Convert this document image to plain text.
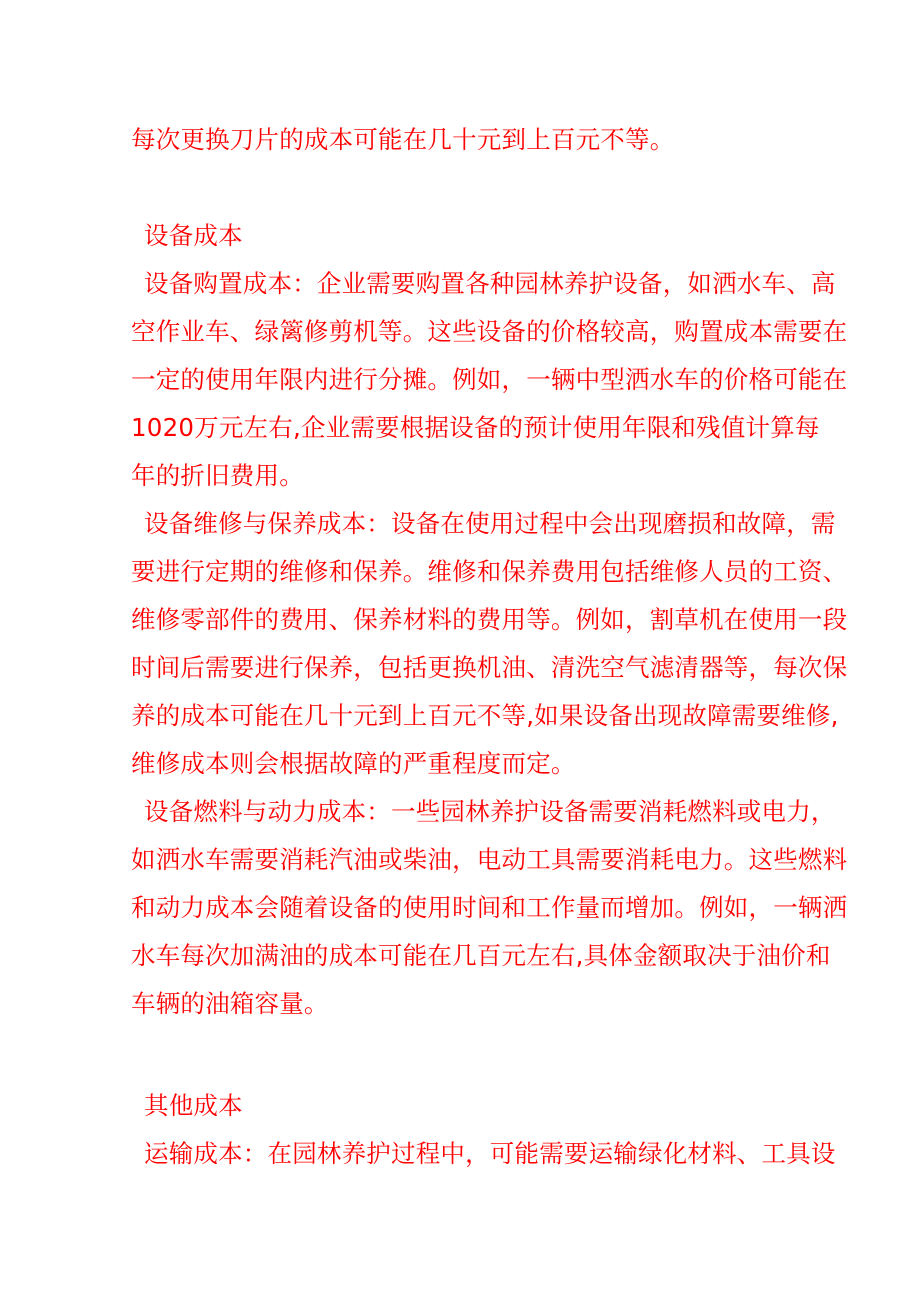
每次更换刀片的成本可能在几十元到上百元不等。
设备成本
设备购置成本：企业需要购置各种园林养护设备，如洒水车、高
空作业车、绿篱修剪机等。这些设备的价格较高，购置成本需要在
一定的使用年限内进行分摊。例如，一辆中型洒水车的价格可能在
1020万元左右,企业需要根据设备的预计使用年限和残值计算每
年的折旧费用。
设备维修与保养成本：设备在使用过程中会出现磨损和故障，需
要进行定期的维修和保养。维修和保养费用包括维修人员的工资、
维修零部件的费用、保养材料的费用等。例如，割草机在使用一段
时间后需要进行保养，包括更换机油、清洗空气滤清器等，每次保
养的成本可能在几十元到上百元不等,如果设备出现故障需要维修,
维修成本则会根据故障的严重程度而定。
设备燃料与动力成本：一些园林养护设备需要消耗燃料或电力，
如洒水车需要消耗汽油或柴油，电动工具需要消耗电力。这些燃料
和动力成本会随着设备的使用时间和工作量而增加。例如，一辆洒
水车每次加满油的成本可能在几百元左右,具体金额取决于油价和
车辆的油箱容量。
其他成本
运输成本：在园林养护过程中，可能需要运输绿化材料、工具设
